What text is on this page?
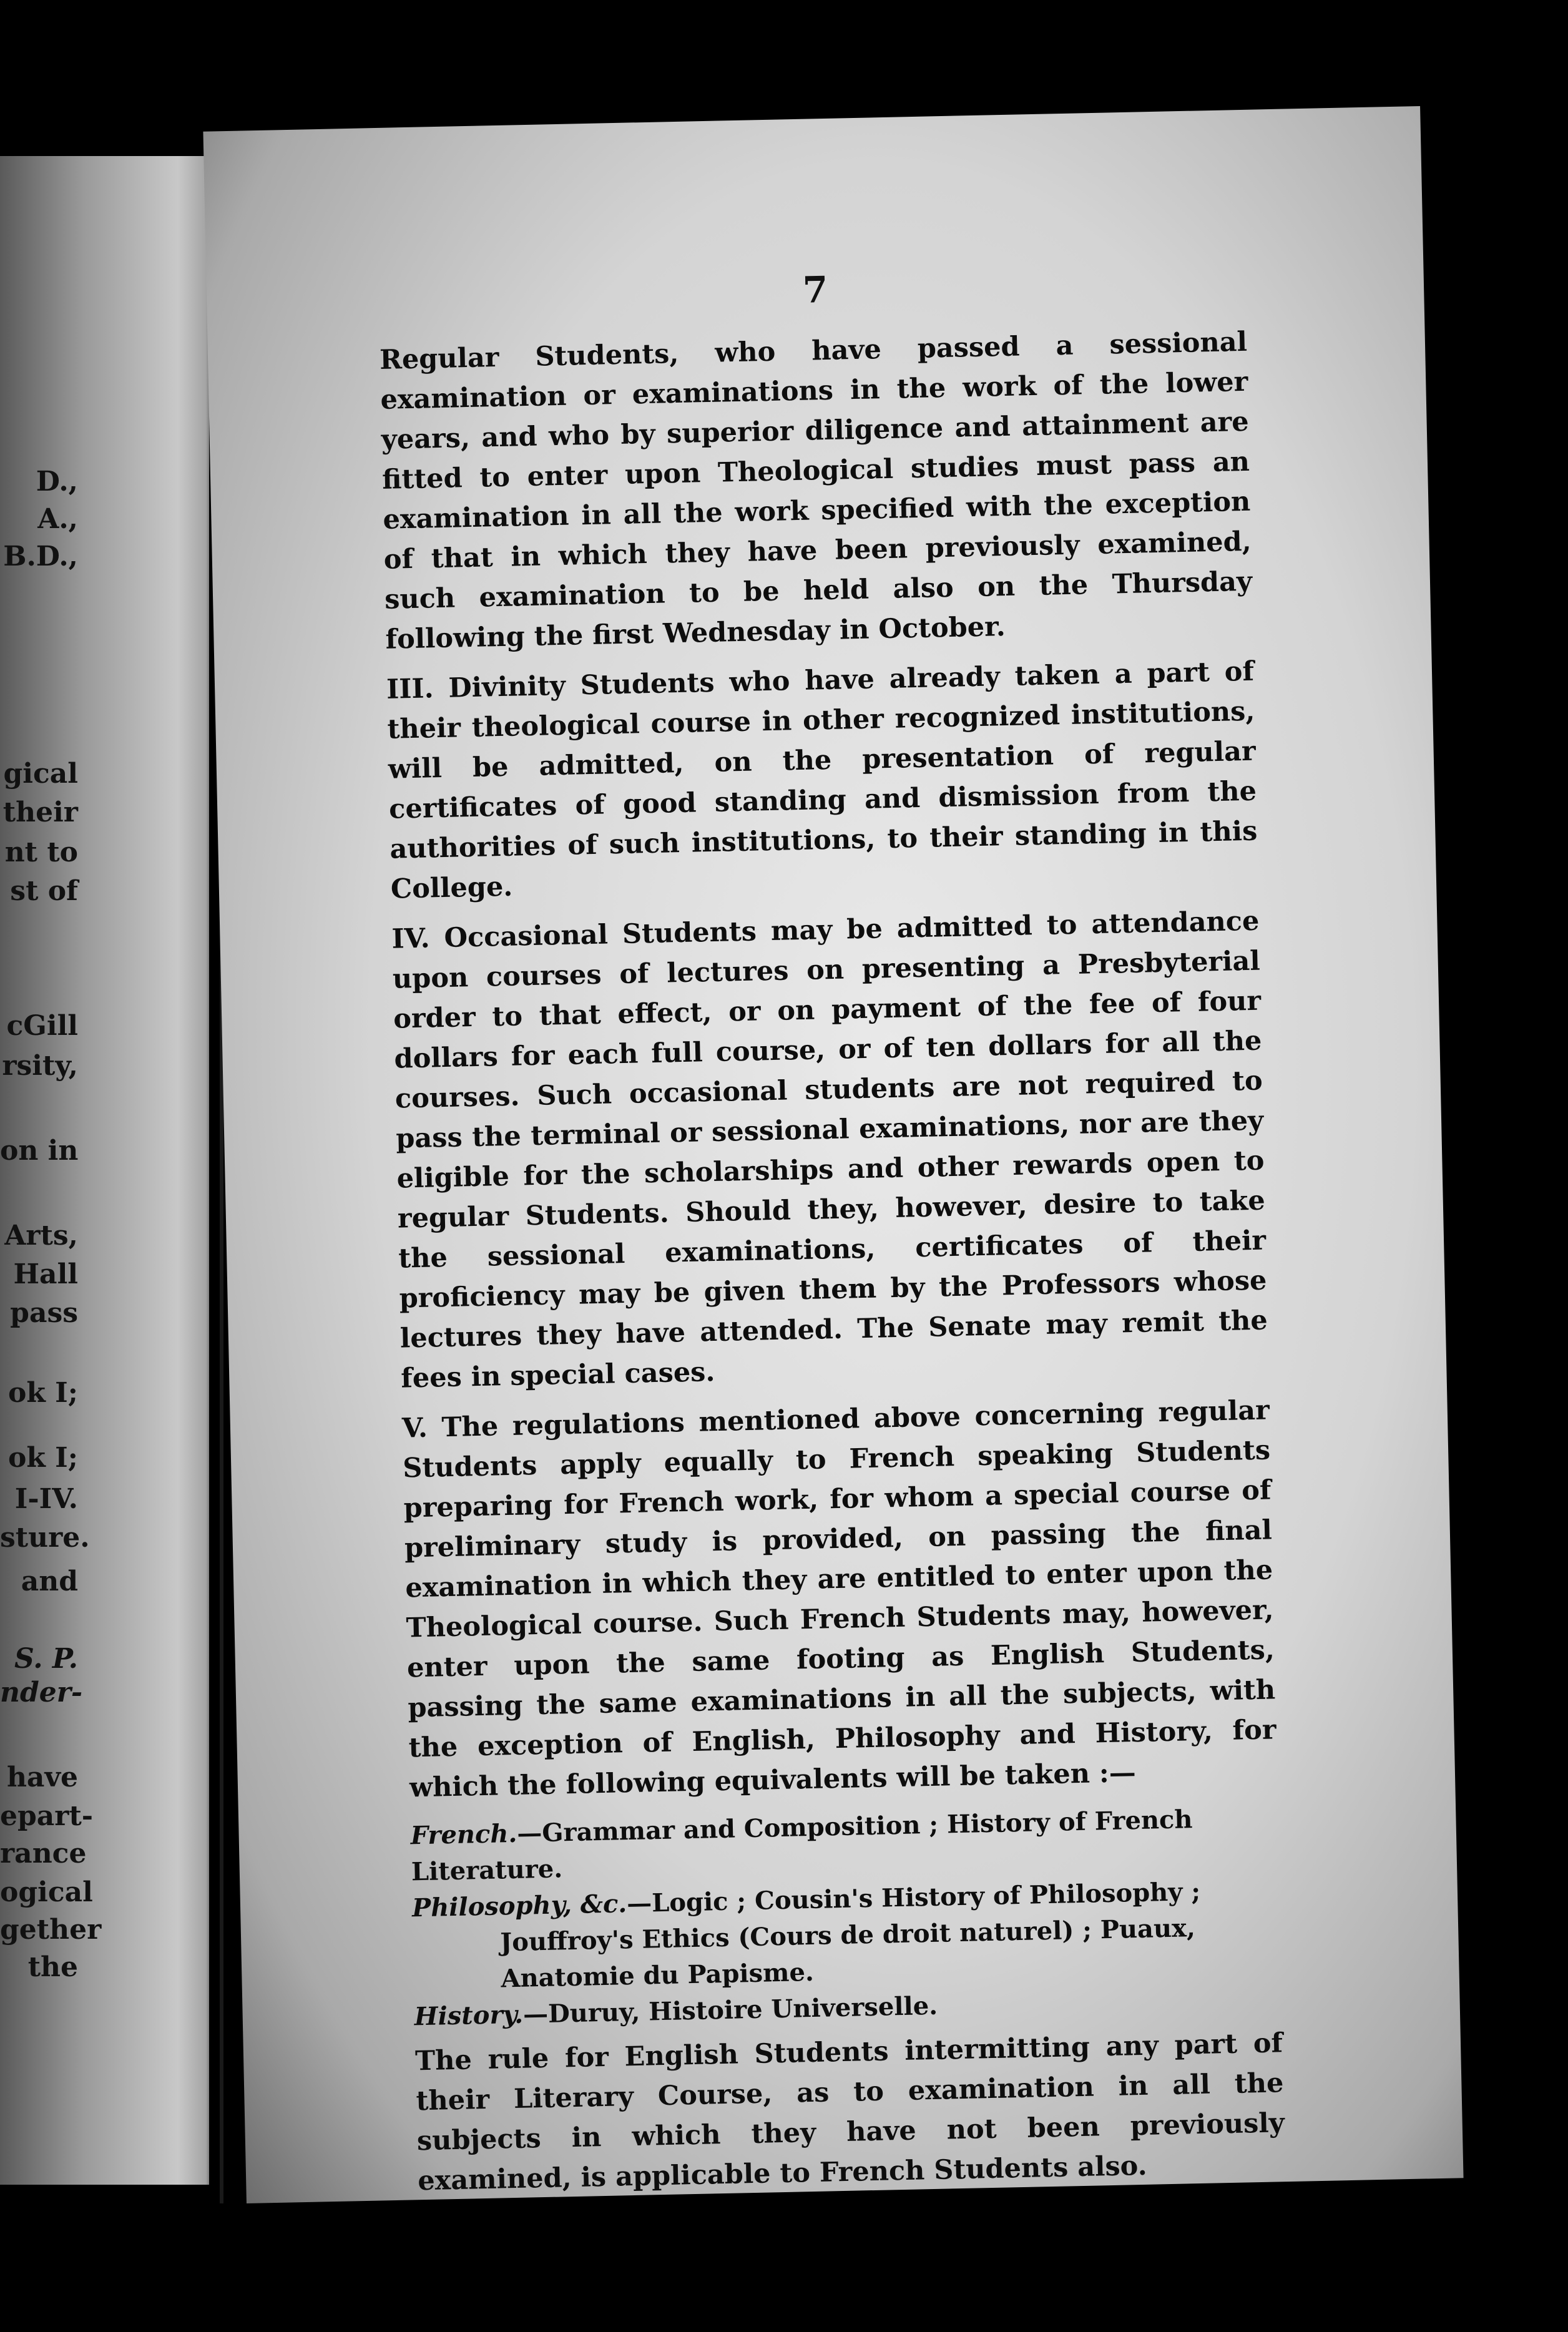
D.,
A.,
B.D.,
gical
their
nt to
st of
cGill
rsity,
on in
Arts,
Hall
pass
ok I;
ok I;
I-IV.
sture.
and
S. P.
nder-
have
epart-
rance
ogical
gether
the
7

Regular Students, who have passed a sessional examination or examinations in the work of the lower years, and who by superior diligence and attainment are fitted to enter upon Theological studies must pass an examination in all the work specified with the exception of that in which they have been previously examined, such examination to be held also on the Thursday following the first Wednesday in October.

III. Divinity Students who have already taken a part of their theological course in other recognized institutions, will be admitted, on the presentation of regular certificates of good standing and dismission from the authorities of such institutions, to their standing in this College.

IV. Occasional Students may be admitted to attendance upon courses of lectures on presenting a Presbyterial order to that effect, or on payment of the fee of four dollars for each full course, or of ten dollars for all the courses. Such occasional students are not required to pass the terminal or sessional examinations, nor are they eligible for the scholarships and other rewards open to regular Students. Should they, however, desire to take the sessional examinations, certificates of their proficiency may be given them by the Professors whose lectures they have attended. The Senate may remit the fees in special cases.

V. The regulations mentioned above concerning regular Students apply equally to French speaking Students preparing for French work, for whom a special course of preliminary study is provided, on passing the final examination in which they are entitled to enter upon the Theological course. Such French Students may, however, enter upon the same footing as English Students, passing the same examinations in all the subjects, with the exception of English, Philosophy and History, for which the following equivalents will be taken :—

French.—Grammar and Composition ; History of French Literature.
Philosophy, &c.—Logic ; Cousin's History of Philosophy ; Jouffroy's Ethics (Cours de droit naturel) ; Puaux, Anatomie du Papisme.
History.—Duruy, Histoire Universelle.

The rule for English Students intermitting any part of their Literary Course, as to examination in all the subjects in which they have not been previously examined, is applicable to French Students also.
